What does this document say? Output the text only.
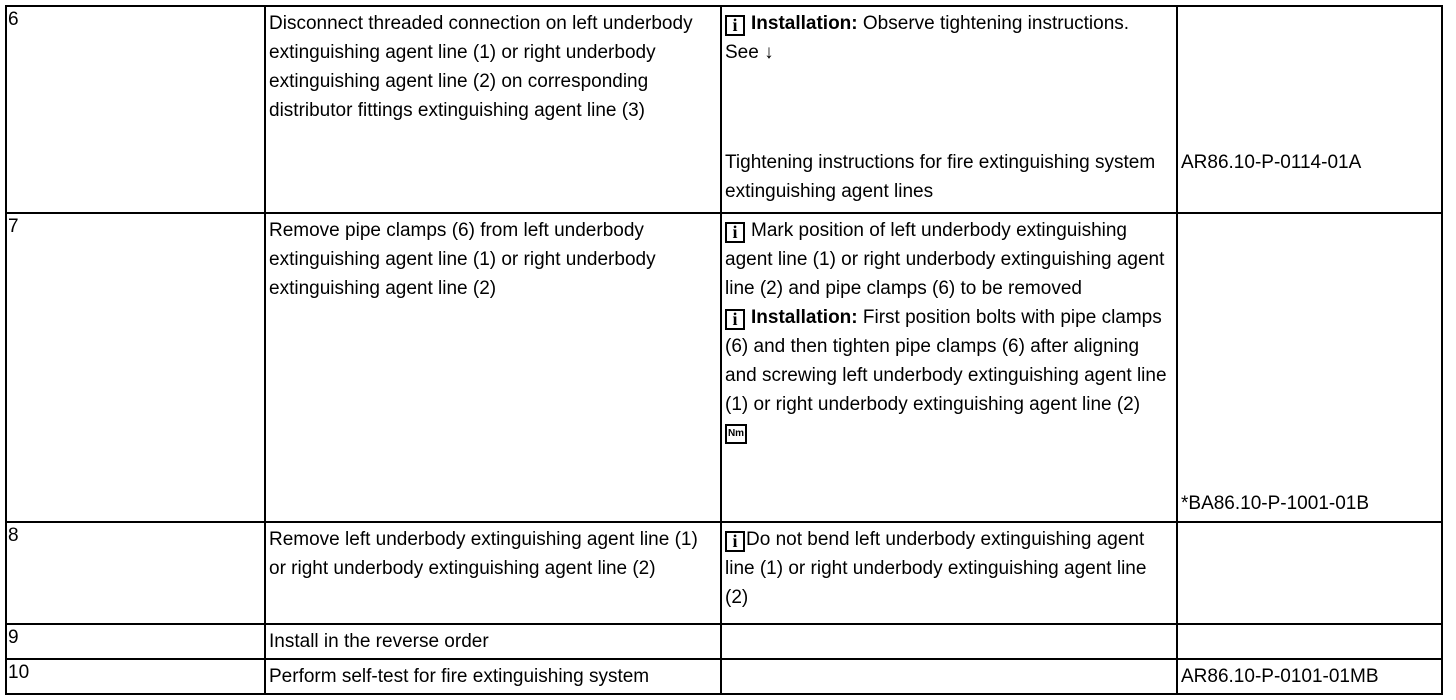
6	Disconnect threaded connection on left underbody extinguishing agent line (1) or right underbody extinguishing agent line (2) on corresponding distributor fittings extinguishing agent line (3)	i Installation: Observe tightening instructions.
See ↓
Tightening instructions for fire extinguishing system extinguishing agent lines	AR86.10-P-0114-01A

7	Remove pipe clamps (6) from left underbody extinguishing agent line (1) or right underbody extinguishing agent line (2)	i Mark position of left underbody extinguishing agent line (1) or right underbody extinguishing agent line (2) and pipe clamps (6) to be removed
i Installation: First position bolts with pipe clamps (6) and then tighten pipe clamps (6) after aligning and screwing left underbody extinguishing agent line (1) or right underbody extinguishing agent line (2)
Nm	*BA86.10-P-1001-01B

8	Remove left underbody extinguishing agent line (1) or right underbody extinguishing agent line (2)	i Do not bend left underbody extinguishing agent line (1) or right underbody extinguishing agent line (2)	
9	Install in the reverse order		
10	Perform self-test for fire extinguishing system		AR86.10-P-0101-01MB
